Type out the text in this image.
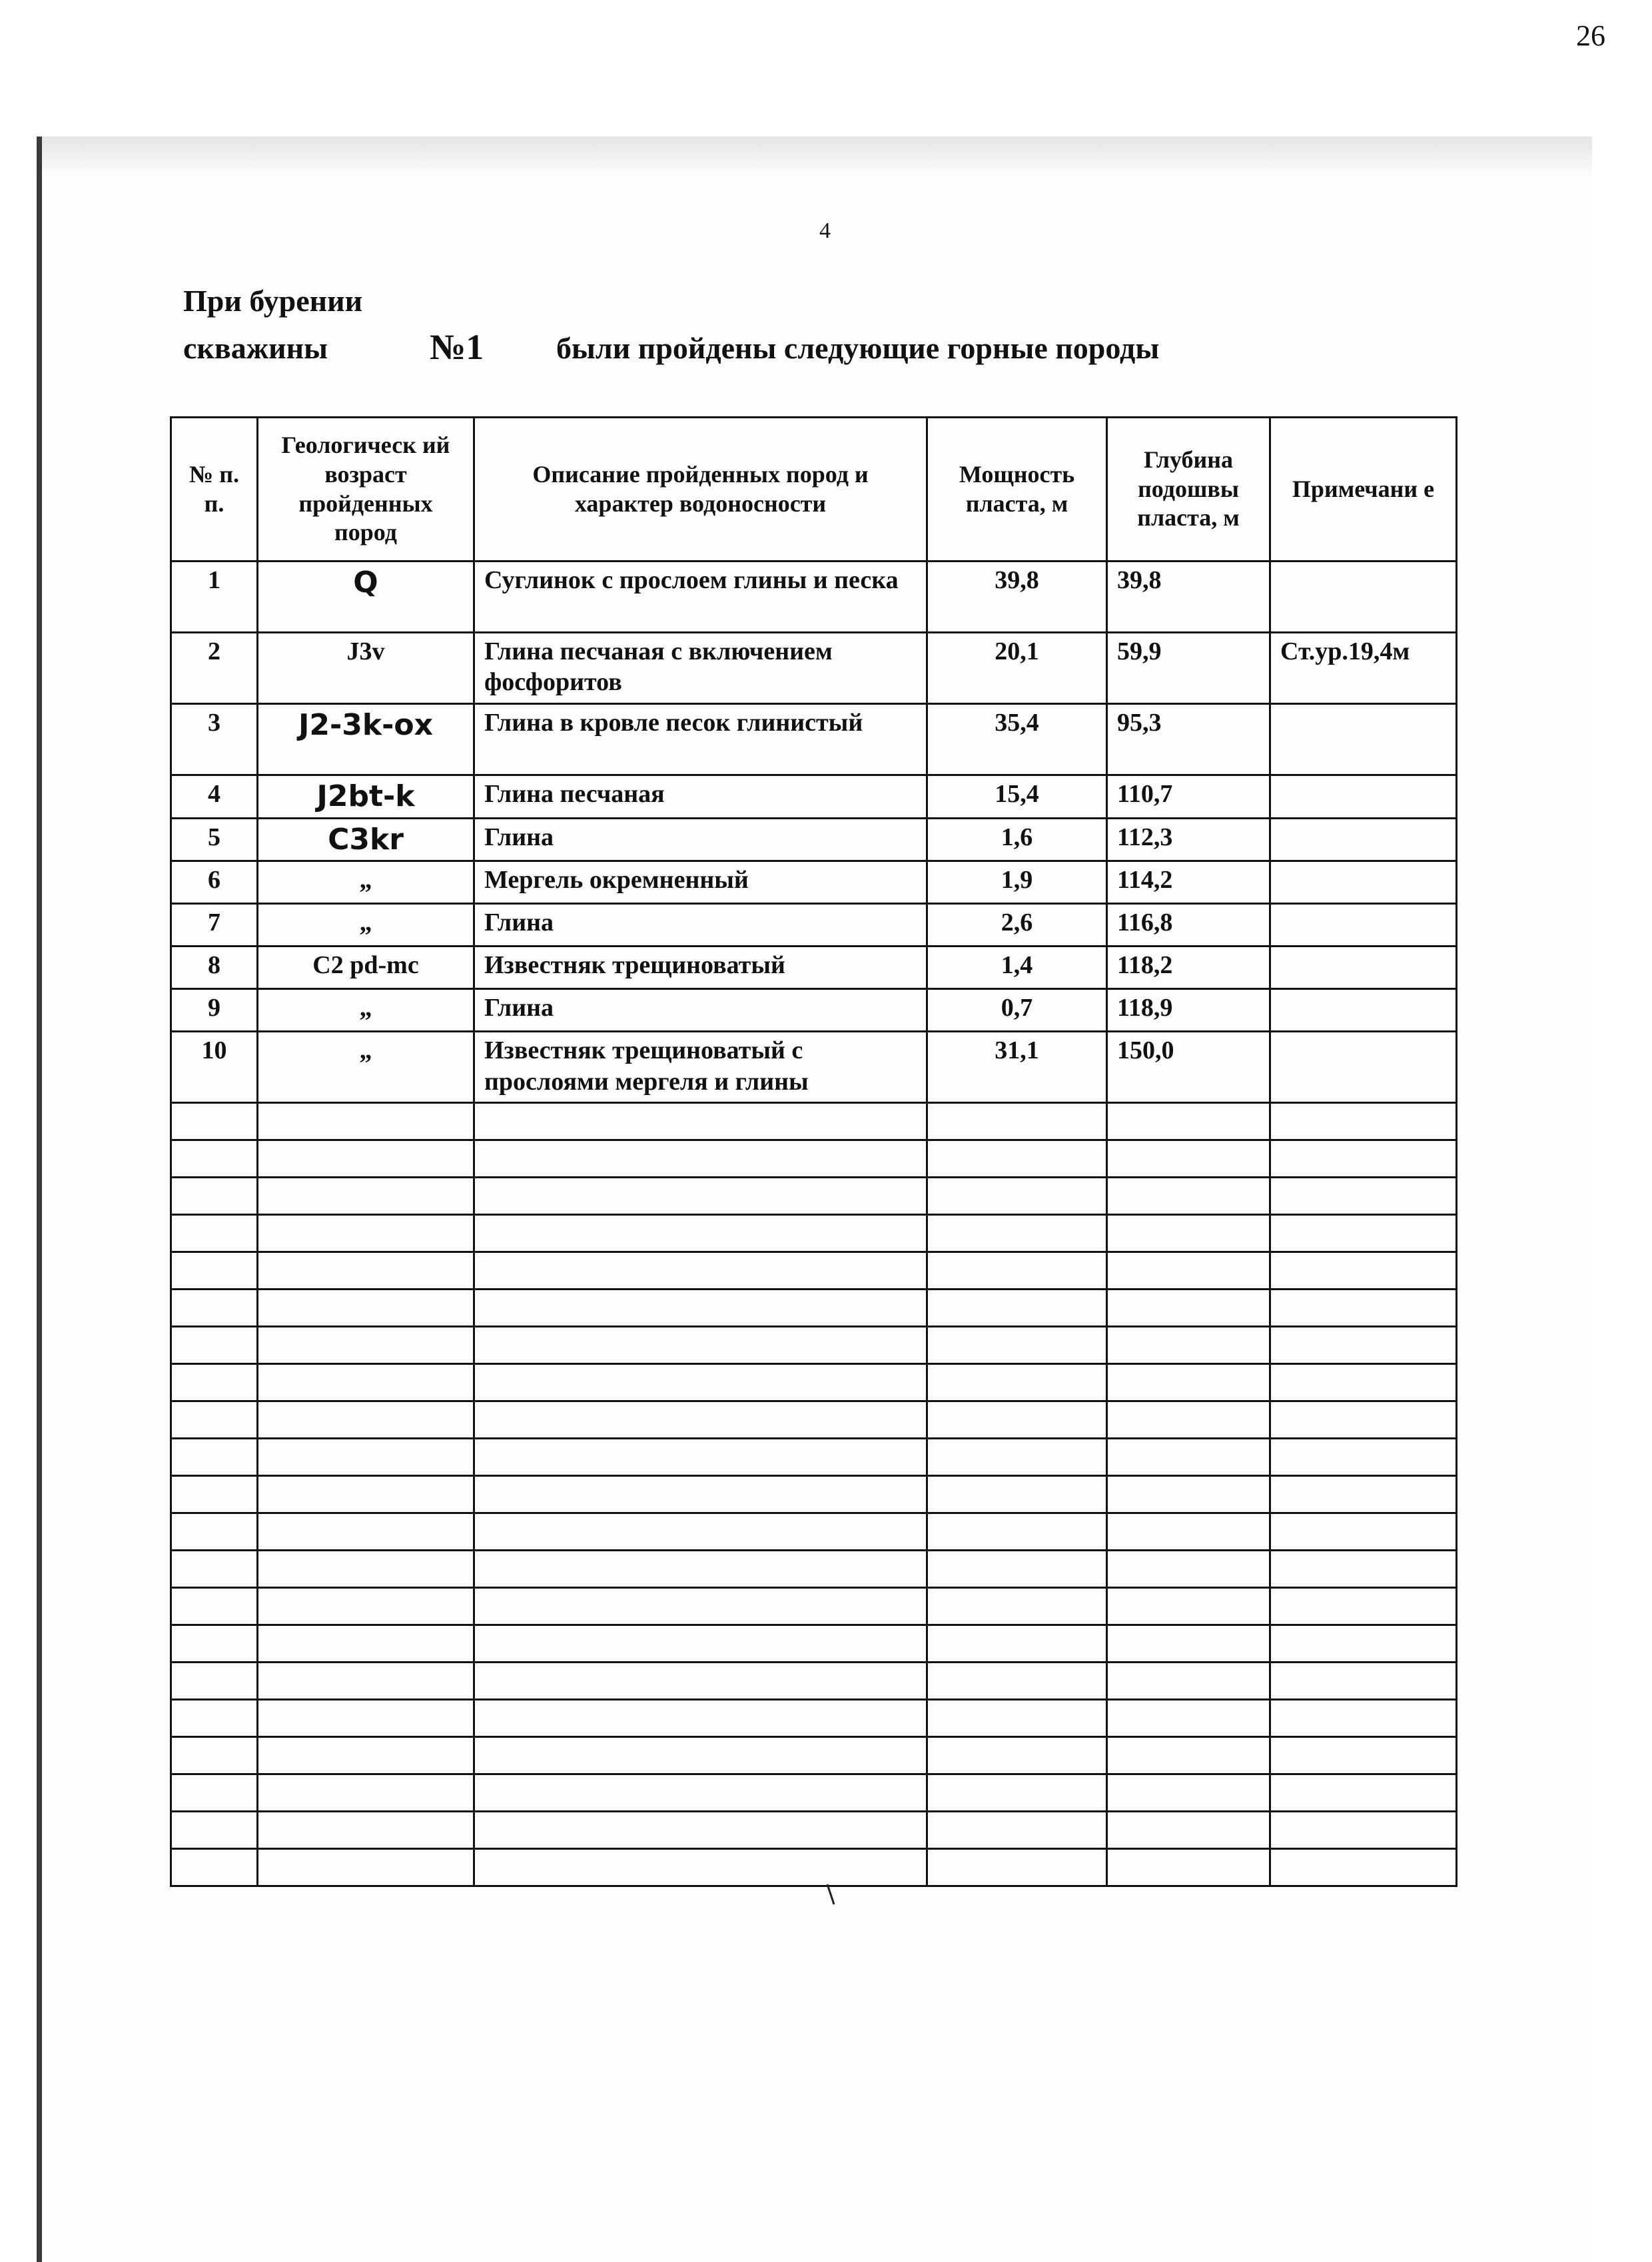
26
4
При бурении
скважины	№1 были пройдены следующие горные породы
№ п. п.	Геологическ ий возраст пройденных пород	Описание пройденных пород и характер водоносности	Мощность пласта, м	Глубина подошвы пласта, м	Примечани е
1	Q	Суглинок с прослоем глины и песка	39,8	39,8	
2	J3v	Глина песчаная с включением фосфоритов	20,1	59,9	Ст.ур.19,4м
3	J2-3k-ox	Глина в кровле песок глинистый	35,4	95,3	
4	J2bt-k	Глина песчаная	15,4	110,7	
5	C3kr	Глина	1,6	112,3	
6	„	Мергель окремненный	1,9	114,2	
7	„	Глина	2,6	116,8	
8	C2 pd-mc	Известняк трещиноватый	1,4	118,2	
9	„	Глина	0,7	118,9	
10	„	Известняк трещиноватый с прослоями мергеля и глины	31,1	150,0	
